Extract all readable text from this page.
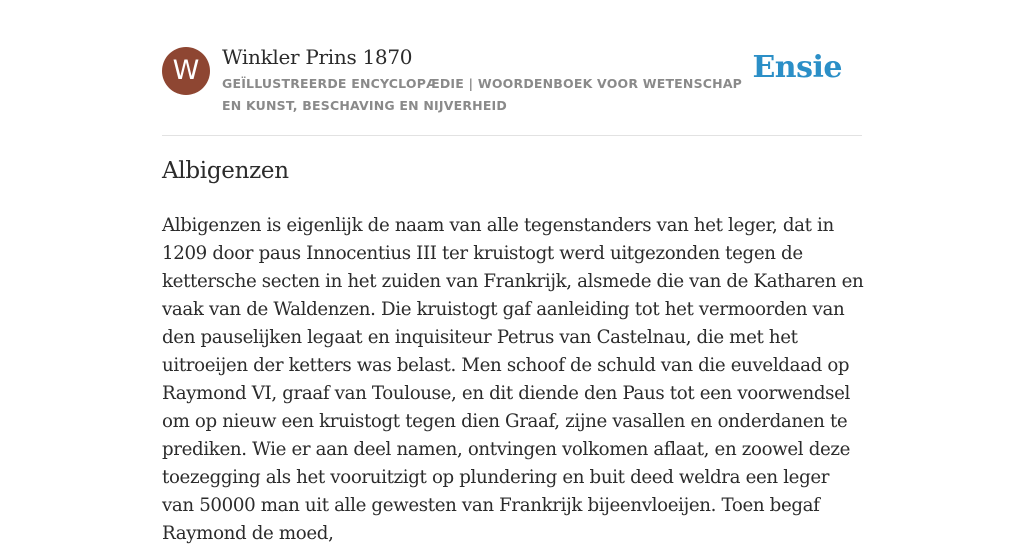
W	Winkler Prins 1870
GEÏLLUSTREERDE ENCYCLOPÆDIE | WOORDENBOEK VOOR WETENSCHAP EN KUNST, BESCHAVING EN NIJVERHEID
Ensie
Albigenzen

Albigenzen is eigenlijk de naam van alle tegenstanders van het leger, dat in 1209 door paus Innocentius III ter kruistogt werd uitgezonden tegen de kettersche secten in het zuiden van Frankrijk, alsmede die van de Katharen en vaak van de Waldenzen. Die kruistogt gaf aanleiding tot het vermoorden van den pauselijken legaat en inquisiteur Petrus van Castelnau, die met het uitroeijen der ketters was belast. Men schoof de schuld van die euveldaad op Raymond VI, graaf van Toulouse, en dit diende den Paus tot een voorwendsel om op nieuw een kruistogt tegen dien Graaf, zijne vasallen en onderdanen te prediken. Wie er aan deel namen, ontvingen volkomen aflaat, en zoowel deze toezegging als het vooruitzigt op plundering en buit deed weldra een leger van 50000 man uit alle gewesten van Frankrijk bijeenvloeijen. Toen begaf Raymond de moed,
